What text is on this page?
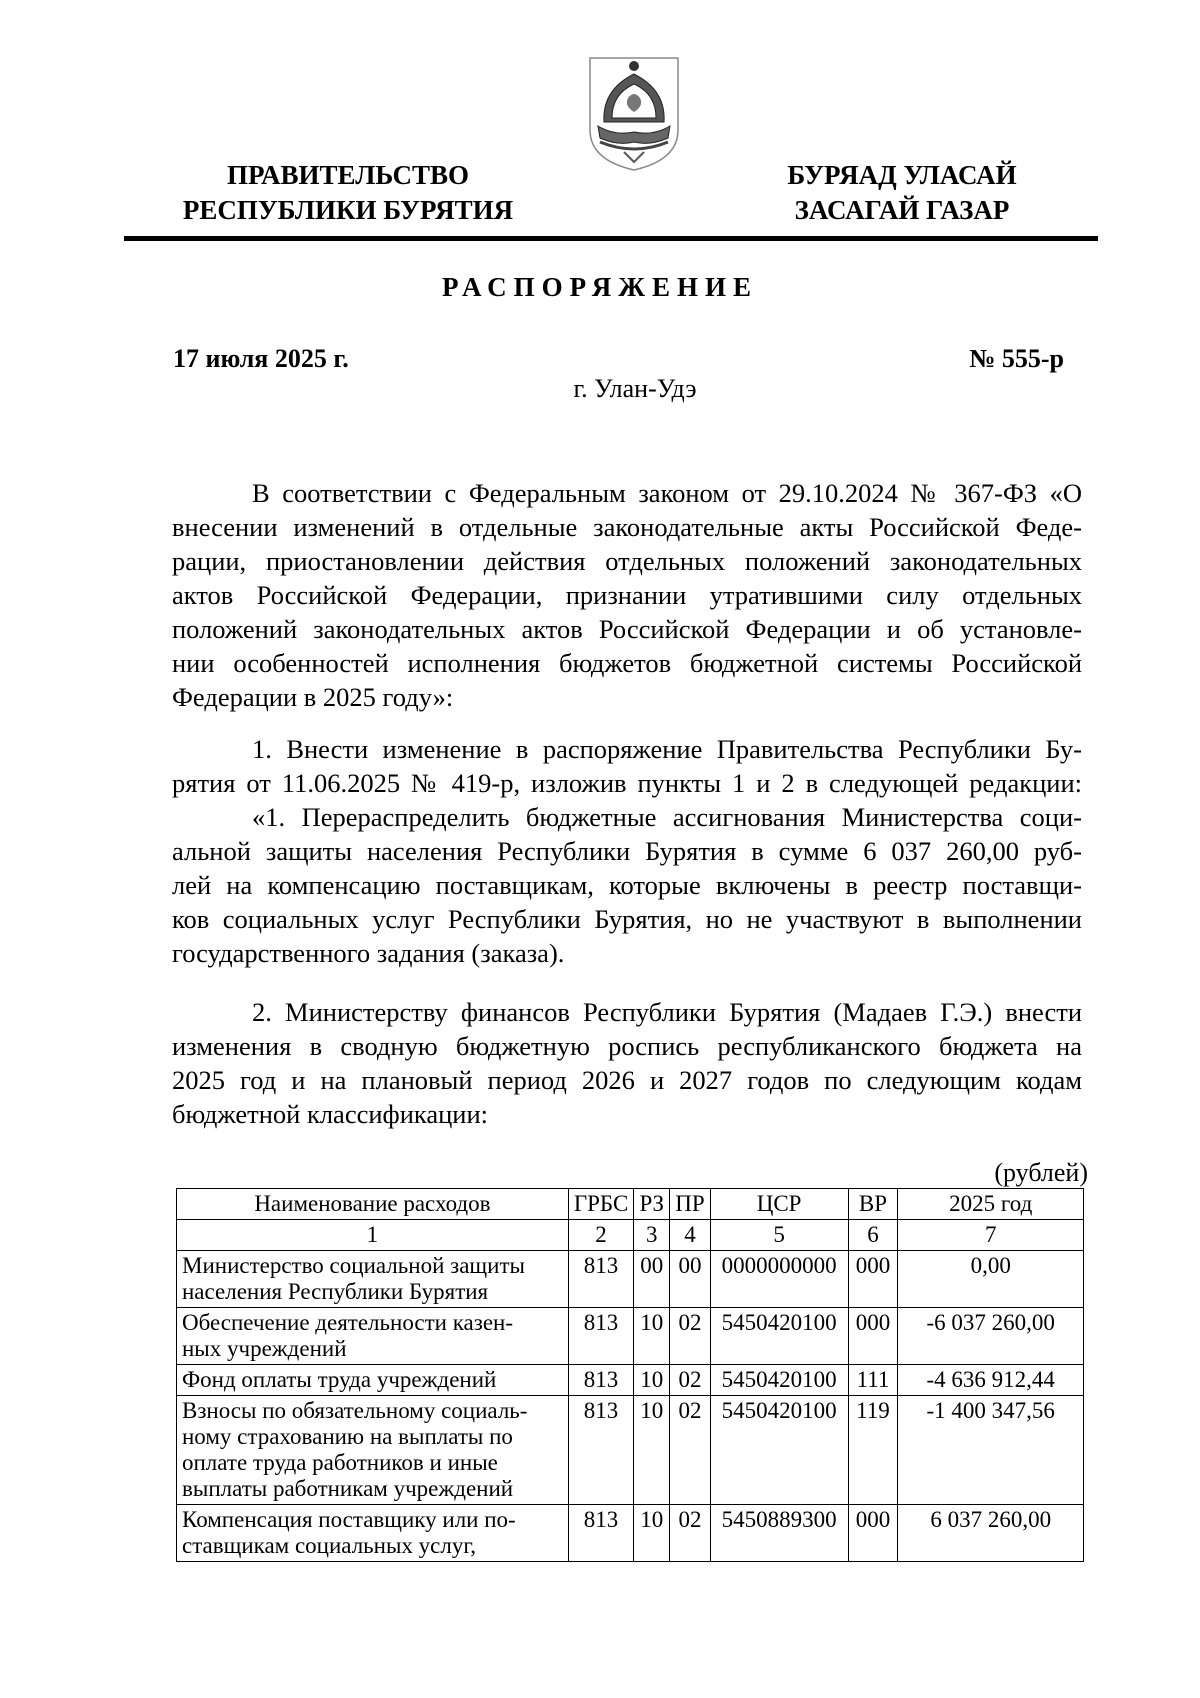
ПРАВИТЕЛЬСТВО
РЕСПУБЛИКИ БУРЯТИЯ
БУРЯАД УЛАСАЙ
ЗАСАГАЙ ГАЗАР
РАСПОРЯЖЕНИЕ
17 июля 2025 г.	№ 555-р
г. Улан-Удэ
В соответствии с Федеральным законом от 29.10.2024 № 367-ФЗ «О
внесении изменений в отдельные законодательные акты Российской Феде-
рации, приостановлении действия отдельных положений законодательных
актов Российской Федерации, признании утратившими силу отдельных
положений законодательных актов Российской Федерации и об установле-
нии особенностей исполнения бюджетов бюджетной системы Российской
Федерации в 2025 году»:
1. Внести изменение в распоряжение Правительства Республики Бу-
рятия от 11.06.2025 № 419-р, изложив пункты 1 и 2 в следующей редакции:
«1. Перераспределить бюджетные ассигнования Министерства соци-
альной защиты населения Республики Бурятия в сумме 6 037 260,00 руб-
лей на компенсацию поставщикам, которые включены в реестр поставщи-
ков социальных услуг Республики Бурятия, но не участвуют в выполнении
государственного задания (заказа).
2. Министерству финансов Республики Бурятия (Мадаев Г.Э.) внести
изменения в сводную бюджетную роспись республиканского бюджета на
2025 год и на плановый период 2026 и 2027 годов по следующим кодам
бюджетной классификации:
(рублей)
Наименование расходов	ГРБС	РЗ	ПР	ЦСР	ВР	2025 год
1	2	3	4	5	6	7

Министерство социальной защиты
населения Республики Бурятия	813	00	00	0000000000	000	0,00

Обеспечение деятельности казен-
ных учреждений	813	10	02	5450420100	000	-6 037 260,00

Фонд оплаты труда учреждений	813	10	02	5450420100	111	-4 636 912,44

Взносы по обязательному социаль-
ному страхованию на выплаты по
оплате труда работников и иные
выплаты работникам учреждений	813	10	02	5450420100	119	-1 400 347,56

Компенсация поставщику или по-
ставщикам социальных услуг,	813	10	02	5450889300	000	6 037 260,00
